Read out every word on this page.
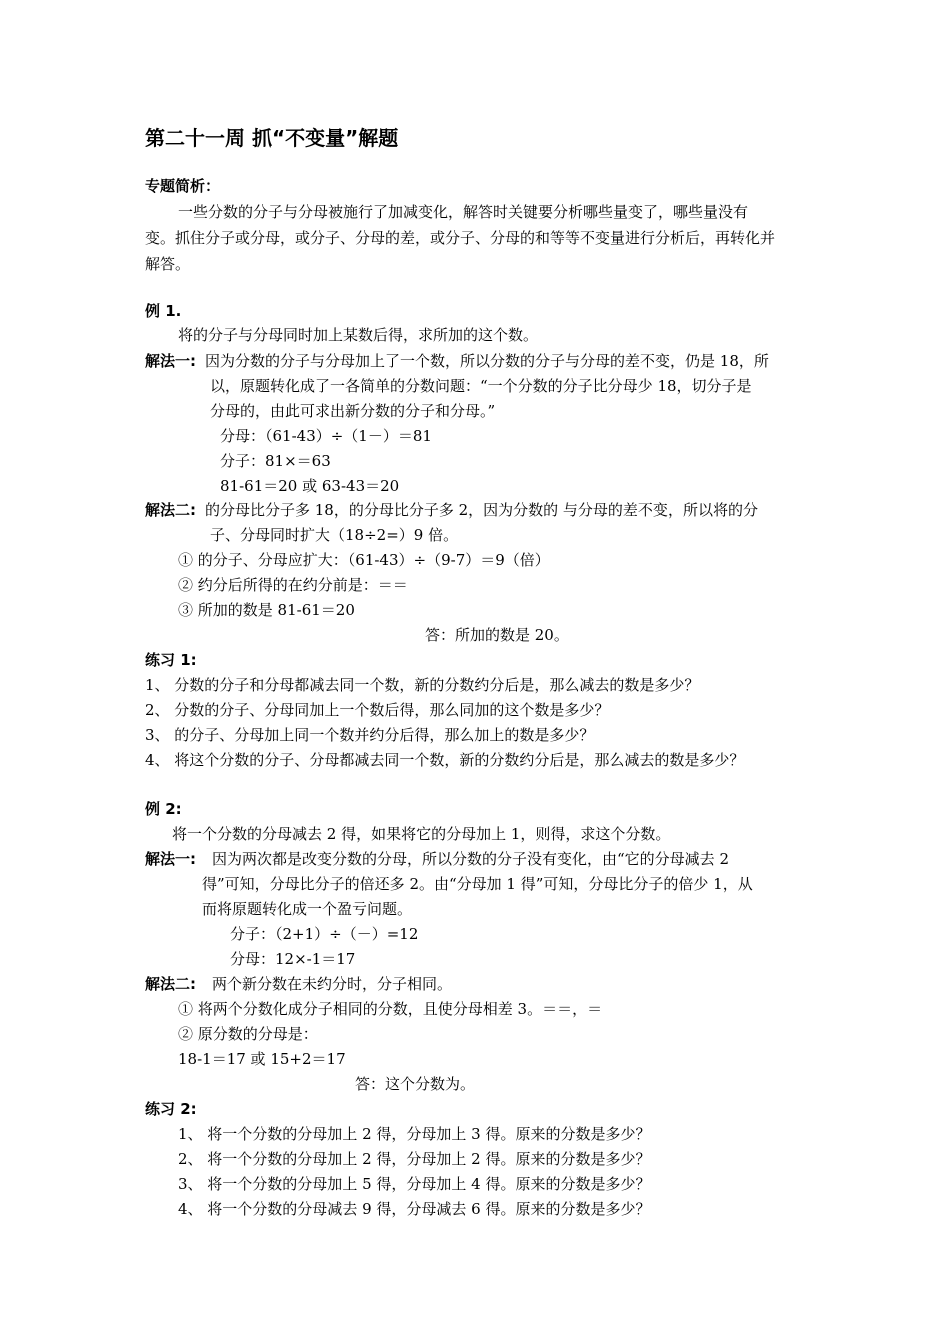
第二十一周 抓“不变量”解题
专题简析：
一些分数的分子与分母被施行了加减变化，解答时关键要分析哪些量变了，哪些量没有
变。抓住分子或分母，或分子、分母的差，或分子、分母的和等等不变量进行分析后，再转化并
解答。
例 1.
将的分子与分母同时加上某数后得，求所加的这个数。
解法一: 因为分数的分子与分母加上了一个数，所以分数的分子与分母的差不变，仍是 18，所
以，原题转化成了一各简单的分数问题：“一个分数的分子比分母少 18，切分子是
分母的，由此可求出新分数的分子和分母。”
分母：（61-43）÷（1－）＝81
分子：81×＝63
81-61＝20 或 63-43＝20
解法二: 的分母比分子多 18，的分母比分子多 2，因为分数的 与分母的差不变，所以将的分
子、分母同时扩大（18÷2=）9 倍。
① 的分子、分母应扩大：（61-43）÷（9-7）＝9（倍）
② 约分后所得的在约分前是：＝＝
③ 所加的数是 81-61＝20
答：所加的数是 20。
练习 1:
1、 分数的分子和分母都减去同一个数，新的分数约分后是，那么减去的数是多少？
2、 分数的分子、分母同加上一个数后得，那么同加的这个数是多少？
3、 的分子、分母加上同一个数并约分后得，那么加上的数是多少？
4、 将这个分数的分子、分母都减去同一个数，新的分数约分后是，那么减去的数是多少？
例 2:
将一个分数的分母减去 2 得，如果将它的分母加上 1，则得，求这个分数。
解法一: 因为两次都是改变分数的分母，所以分数的分子没有变化，由“它的分母减去 2
得”可知，分母比分子的倍还多 2。由“分母加 1 得”可知，分母比分子的倍少 1，从
而将原题转化成一个盈亏问题。
分子：（2+1）÷（－）=12
分母：12×-1＝17
解法二: 两个新分数在未约分时，分子相同。
① 将两个分数化成分子相同的分数，且使分母相差 3。＝＝，＝
② 原分数的分母是：
18-1＝17 或 15+2＝17
答：这个分数为。
练习 2:
1、 将一个分数的分母加上 2 得，分母加上 3 得。原来的分数是多少？
2、 将一个分数的分母加上 2 得，分母加上 2 得。原来的分数是多少？
3、 将一个分数的分母加上 5 得，分母加上 4 得。原来的分数是多少？
4、 将一个分数的分母减去 9 得，分母减去 6 得。原来的分数是多少？
